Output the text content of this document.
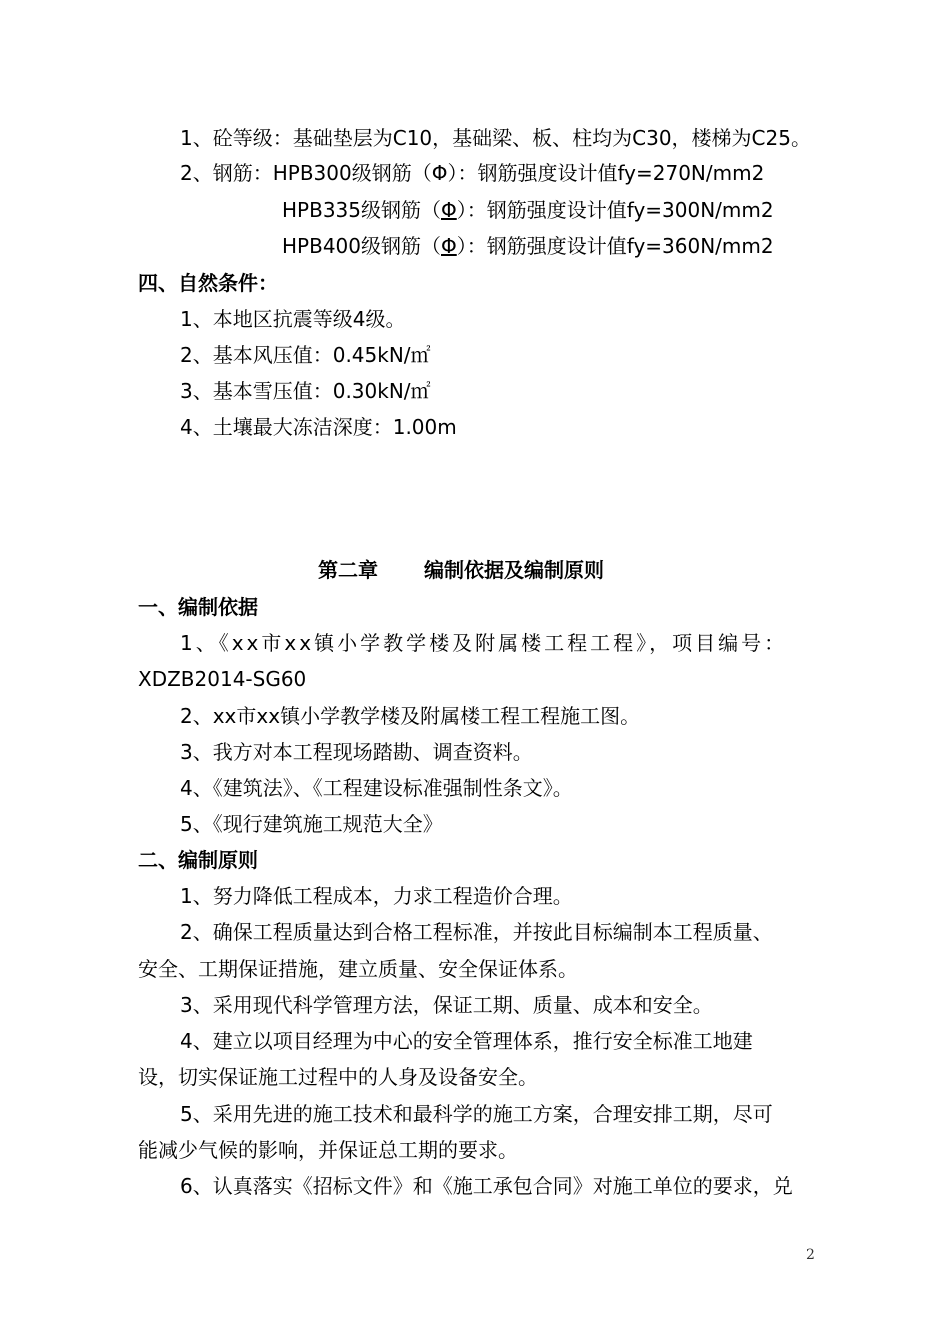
1、砼等级：基础垫层为C10，基础梁、板、柱均为C30，楼梯为C25。
2、钢筋：HPB300级钢筋（Φ）：钢筋强度设计值fy=270N/mm2
HPB335级钢筋（Φ）：钢筋强度设计值fy=300N/mm2
HPB400级钢筋（Φ）：钢筋强度设计值fy=360N/mm2
四、自然条件：
1、本地区抗震等级4级。
2、基本风压值：0.45kN/㎡
3、基本雪压值：0.30kN/㎡
4、土壤最大冻洁深度：1.00m
第二章 编制依据及编制原则
一、编制依据
1、《xx市xx镇小学教学楼及附属楼工程工程》，项目编号：
XDZB2014-SG60
2、xx市xx镇小学教学楼及附属楼工程工程施工图。
3、我方对本工程现场踏勘、调查资料。
4、《建筑法》、《工程建设标准强制性条文》。
5、《现行建筑施工规范大全》
二、编制原则
1、努力降低工程成本，力求工程造价合理。
2、确保工程质量达到合格工程标准，并按此目标编制本工程质量、
安全、工期保证措施，建立质量、安全保证体系。
3、采用现代科学管理方法，保证工期、质量、成本和安全。
4、建立以项目经理为中心的安全管理体系，推行安全标准工地建
设，切实保证施工过程中的人身及设备安全。
5、采用先进的施工技术和最科学的施工方案，合理安排工期，尽可
能减少气候的影响，并保证总工期的要求。
6、认真落实《招标文件》和《施工承包合同》对施工单位的要求，兑
2
